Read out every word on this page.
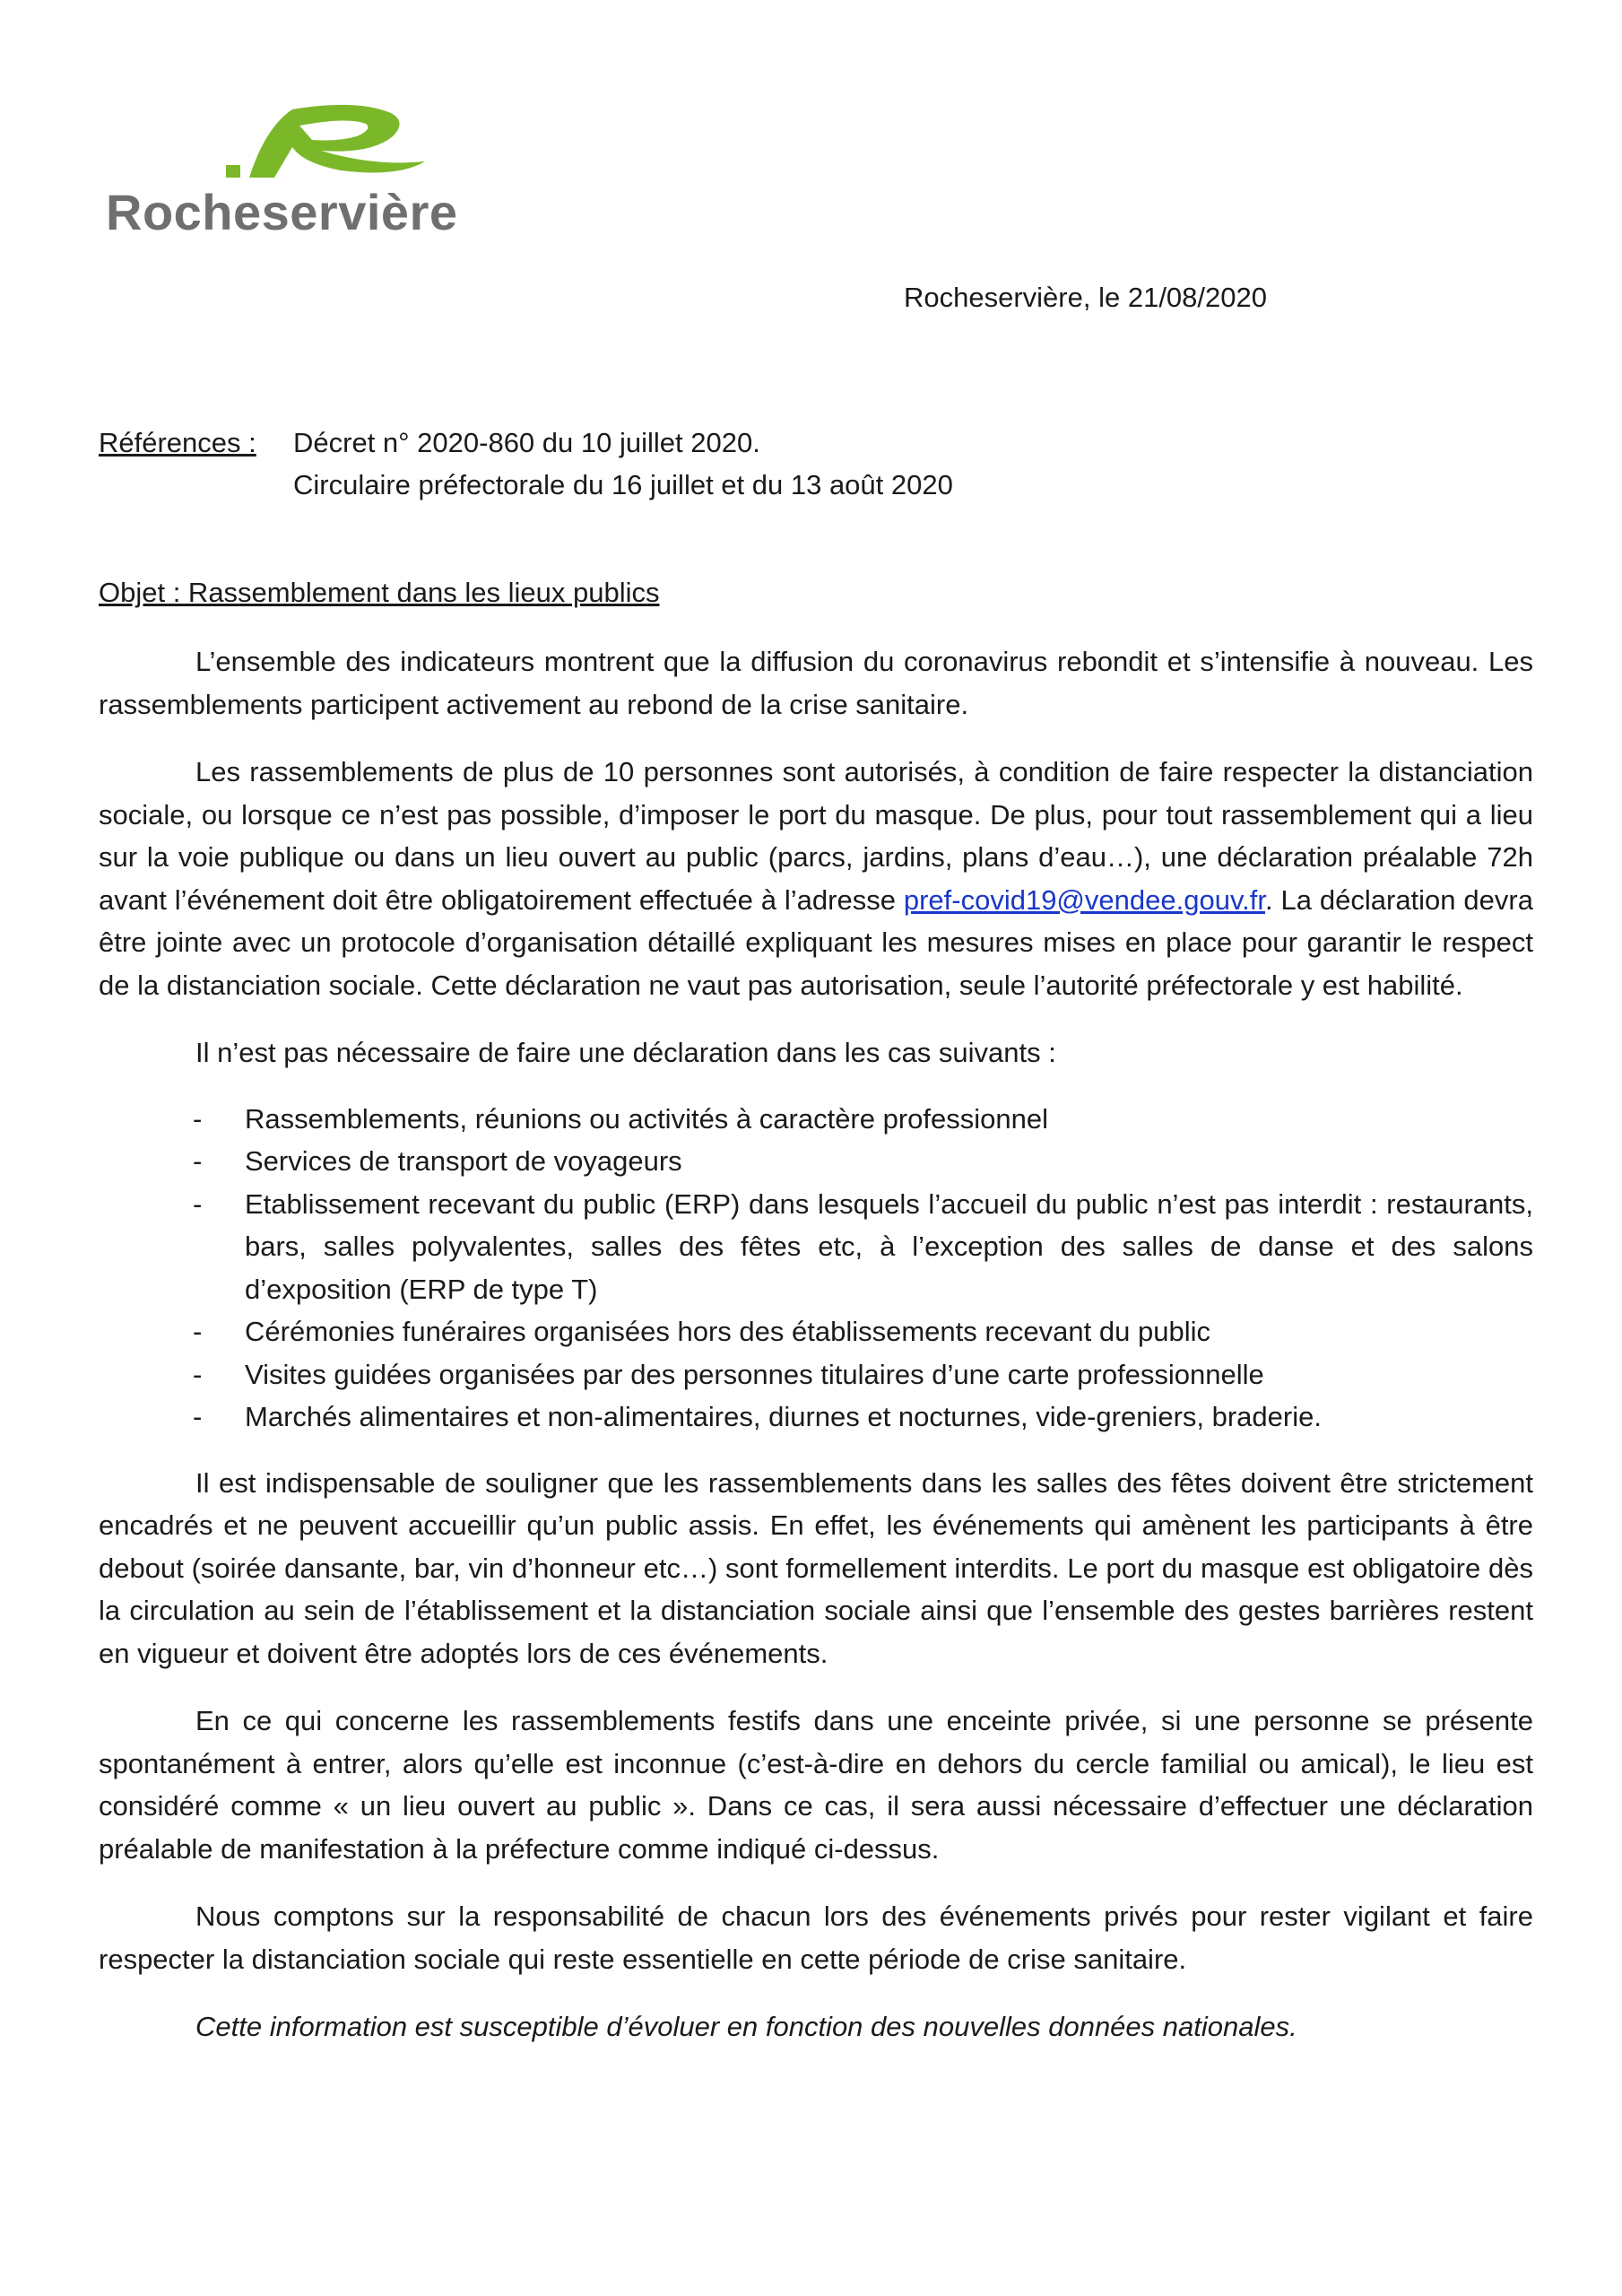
Rocheservière
Rocheservière, le 21/08/2020
Références : Décret n° 2020-860 du 10 juillet 2020.
Circulaire préfectorale du 16 juillet et du 13 août 2020
Objet : Rassemblement dans les lieux publics

L’ensemble des indicateurs montrent que la diffusion du coronavirus rebondit et s’intensifie à nouveau. Les rassemblements participent activement au rebond de la crise sanitaire.

Les rassemblements de plus de 10 personnes sont autorisés, à condition de faire respecter la distanciation sociale, ou lorsque ce n’est pas possible, d’imposer le port du masque. De plus, pour tout rassemblement qui a lieu sur la voie publique ou dans un lieu ouvert au public (parcs, jardins, plans d’eau…), une déclaration préalable 72h avant l’événement doit être obligatoirement effectuée à l’adresse pref-covid19@vendee.gouv.fr. La déclaration devra être jointe avec un protocole d’organisation détaillé expliquant les mesures mises en place pour garantir le respect de la distanciation sociale. Cette déclaration ne vaut pas autorisation, seule l’autorité préfectorale y est habilité.

Il n’est pas nécessaire de faire une déclaration dans les cas suivants :

- Rassemblements, réunions ou activités à caractère professionnel
- Services de transport de voyageurs
- Etablissement recevant du public (ERP) dans lesquels l’accueil du public n’est pas interdit : restaurants, bars, salles polyvalentes, salles des fêtes etc, à l’exception des salles de danse et des salons d’exposition (ERP de type T)
- Cérémonies funéraires organisées hors des établissements recevant du public
- Visites guidées organisées par des personnes titulaires d’une carte professionnelle
- Marchés alimentaires et non-alimentaires, diurnes et nocturnes, vide-greniers, braderie.

Il est indispensable de souligner que les rassemblements dans les salles des fêtes doivent être strictement encadrés et ne peuvent accueillir qu’un public assis. En effet, les événements qui amènent les participants à être debout (soirée dansante, bar, vin d’honneur etc…) sont formellement interdits. Le port du masque est obligatoire dès la circulation au sein de l’établissement et la distanciation sociale ainsi que l’ensemble des gestes barrières restent en vigueur et doivent être adoptés lors de ces événements.

En ce qui concerne les rassemblements festifs dans une enceinte privée, si une personne se présente spontanément à entrer, alors qu’elle est inconnue (c’est-à-dire en dehors du cercle familial ou amical), le lieu est considéré comme « un lieu ouvert au public ». Dans ce cas, il sera aussi nécessaire d’effectuer une déclaration préalable de manifestation à la préfecture comme indiqué ci-dessus.

Nous comptons sur la responsabilité de chacun lors des événements privés pour rester vigilant et faire respecter la distanciation sociale qui reste essentielle en cette période de crise sanitaire.

Cette information est susceptible d’évoluer en fonction des nouvelles données nationales.
